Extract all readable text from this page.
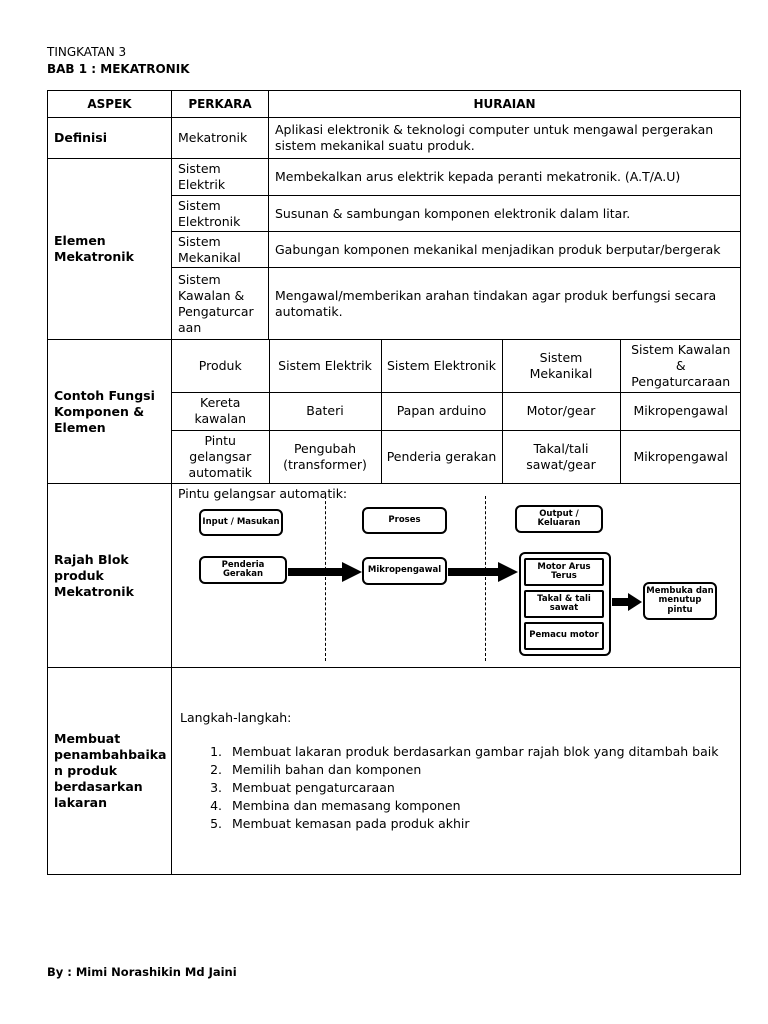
TINGKATAN 3
BAB 1 : MEKATRONIK
ASPEK	PERKARA	HURAIAN
Definisi	Mekatronik	Aplikasi elektronik & teknologi computer untuk mengawal pergerakan sistem mekanikal suatu produk.
Elemen Mekatronik	Sistem Elektrik	Membekalkan arus elektrik kepada peranti mekatronik. (A.T/A.U)
Sistem Elektronik	Susunan & sambungan komponen elektronik dalam litar.
Sistem Mekanikal	Gabungan komponen mekanikal menjadikan produk berputar/bergerak
Sistem Kawalan & Pengaturcar aan	Mengawal/memberikan arahan tindakan agar produk berfungsi secara automatik.
Contoh Fungsi Komponen & Elemen	
Produk	Sistem Elektrik	Sistem Elektronik	Sistem Mekanikal	Sistem Kawalan & Pengaturcaraan
Kereta kawalan	Bateri	Papan arduino	Motor/gear	Mikropengawal
Pintu gelangsar automatik	Pengubah (transformer)	Penderia gerakan	Takal/tali sawat/gear	Mikropengawal

Rajah Blok produk Mekatronik	
Pintu gelangsar automatik:
Input / Masukan	Proses
Output / Keluaran
Penderia Gerakan	Mikropengawal	Motor Arus Terus
Takal & tali sawat
Pemacu motor
Membuka dan menutup pintu

Membuat penambahbaika n produk berdasarkan lakaran	
Langkah-langkah:
1. Membuat lakaran produk berdasarkan gambar rajah blok yang ditambah baik
2. Memilih bahan dan komponen
3. Membuat pengaturcaraan
4. Membina dan memasang komponen
5. Membuat kemasan pada produk akhir
By : Mimi Norashikin Md Jaini
